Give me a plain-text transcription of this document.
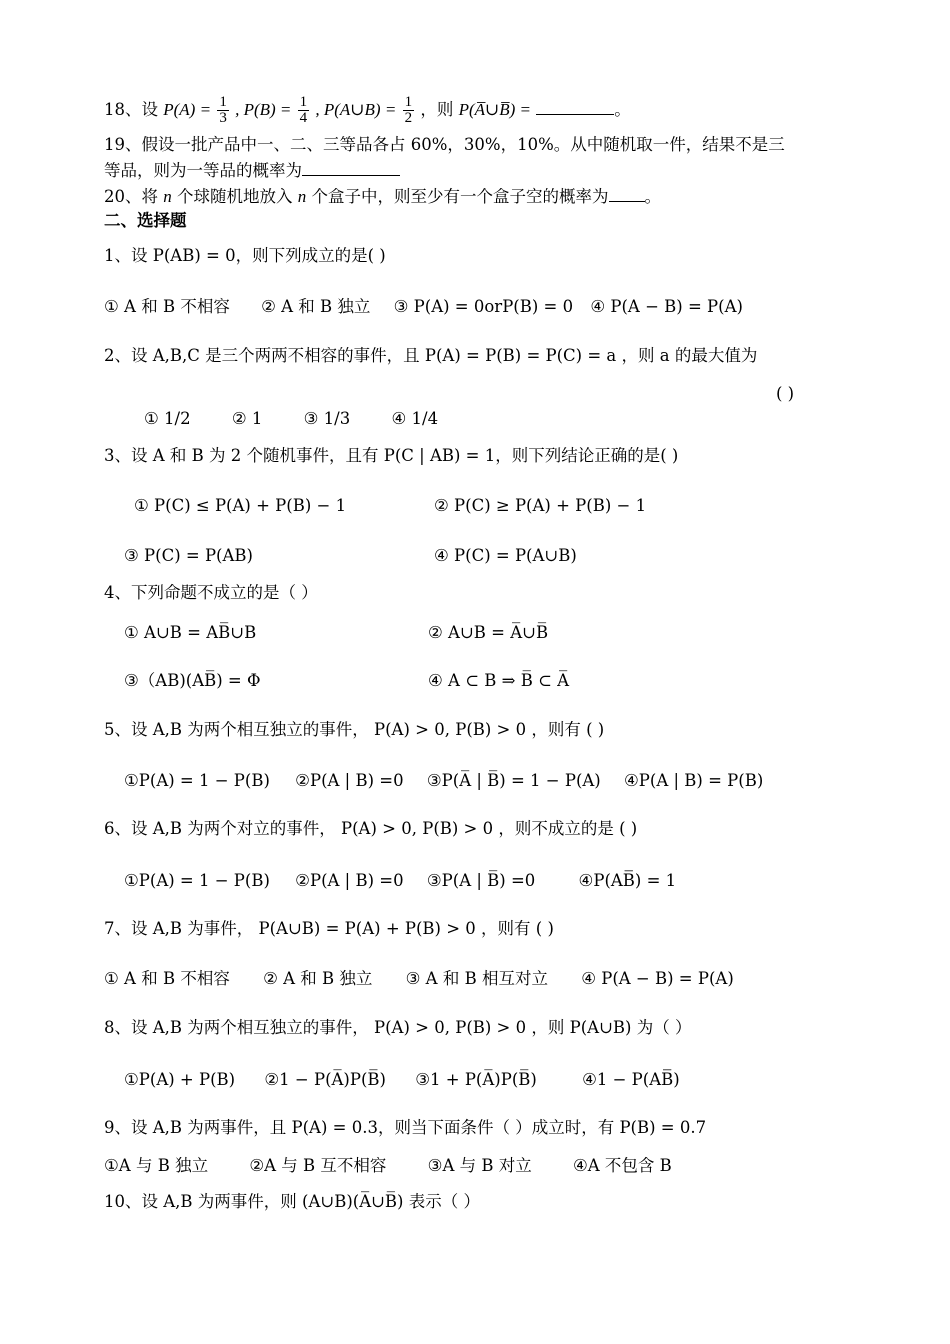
18、设 $P(A) = \frac{1}{3}$ , $P(B) = \frac{1}{4}$ , P(A∪B) = $\frac{1}{2}$ ，则 P(A̅∪B̅) =	。
19、假设一批产品中一、二、三等品各占 60%，30%，10%。从中随机取一件，结果不是三
等品，则为一等品的概率为
20、将 n 个球随机地放入 n 个盒子中，则至少有一个盒子空的概率为 。
二、选择题
1、设 P(AB) = 0，则下列成立的是( )
① A 和 B 不相容 ② A 和 B 独立 ③ P(A) = 0orP(B) = 0 ④ P(A − B) = P(A)
2、设 A,B,C 是三个两两不相容的事件，且 P(A) = P(B) = P(C) = a ，则 a 的最大值为
( )
① 1/2	② 1	③ 1/3	④ 1/4
3、设 A 和 B 为 2 个随机事件，且有 P(C | AB) = 1，则下列结论正确的是( )
① P(C) ≤ P(A) + P(B) − 1	② P(C) ≥ P(A) + P(B) − 1
③ P(C) = P(AB)	④ P(C) = P(A∪B)
4、下列命题不成立的是（ ）
① A∪B = AB̅∪B	② A∪B = A̅∪B̅
③（AB)(AB̅) = Φ	④ A ⊂ B ⇒ B̅ ⊂ A̅
5、设 A,B 为两个相互独立的事件， P(A) > 0, P(B) > 0 ，则有 ( )
①P(A) = 1 − P(B) ②P(A | B) =0 ③P(A̅ | B̅) = 1 − P(A) ④P(A | B) = P(B)
6、设 A,B 为两个对立的事件， P(A) > 0, P(B) > 0 ，则不成立的是 ( )
①P(A) = 1 − P(B) ②P(A | B) =0 ③P(A | B̅) =0	④P(AB̅̅) = 1
7、设 A,B 为事件， P(A∪B) = P(A) + P(B) > 0 ，则有 ( )
① A 和 B 不相容 ② A 和 B 独立 ③ A 和 B 相互对立 ④ P(A − B) = P(A)
8、设 A,B 为两个相互独立的事件， P(A) > 0, P(B) > 0 ，则 P(A∪B) 为（ ）
①P(A) + P(B) ②1 − P(A̅)P(B̅) ③1 + P(A̅)P(B̅)	④1 − P(AB̅̅)
9、设 A,B 为两事件，且 P(A) = 0.3，则当下面条件（ ）成立时，有 P(B) = 0.7
①A 与 B 独立	②A 与 B 互不相容	③A 与 B 对立	④A 不包含 B
10、设 A,B 为两事件，则 (A∪B)(A̅∪B̅) 表示（ ）
